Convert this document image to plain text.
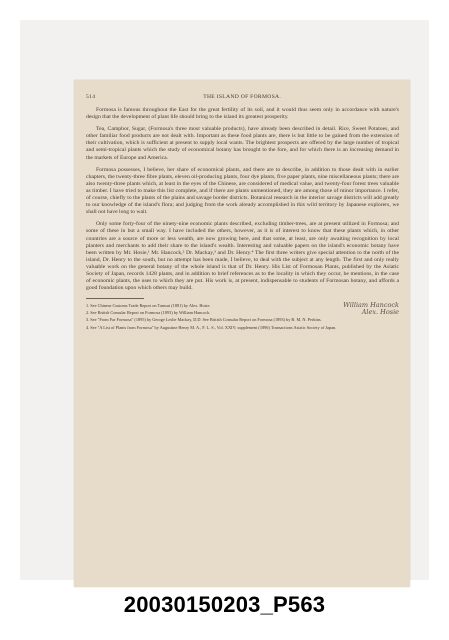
514	THE ISLAND OF FORMOSA.

Formosa is famous throughout the East for the great fertility of its soil, and it would thus seem only in accordance with nature's design that the development of plant life should bring to the island its greatest prosperity.

Tea, Camphor, Sugar, (Formosa's three most valuable products), have already been described in detail. Rice, Sweet Potatoes, and other familiar food products are not dealt with. Important as these food plants are, there is but little to be gained from the extension of their cultivation, which is sufficient at present to supply local wants. The brightest prospects are offered by the large number of tropical and semi-tropical plants which the study of economical botany has brought to the fore, and for which there is an increasing demand in the markets of Europe and America.

Formosa possesses, I believe, her share of economical plants, and there are to describe, in addition to those dealt with in earlier chapters, the twenty-three fibre plants, eleven oil-producing plants, four dye plants, five paper plants, nine miscellaneous plants; there are also twenty-three plants which, at least in the eyes of the Chinese, are considered of medical value, and twenty-four forest trees valuable as timber. I have tried to make this list complete, and if there are plants unmentioned, they are among those of minor importance. I refer, of course, chiefly to the plants of the plains and savage border districts. Botanical research in the interior savage districts will add greatly to our knowledge of the island's flora; and judging from the work already accomplished in this wild territory by Japanese explorers, we shall not have long to wait.

Only some forty-four of the ninety-nine economic plants described, excluding timber-trees, are at present utilized in Formosa; and some of these in but a small way. I have included the others, however, as it is of interest to know that these plants which, in other countries are a source of more or less wealth, are now growing here, and that some, at least, are only awaiting recognition by local planters and merchants to add their share to the island's wealth. Interesting and valuable papers on the island's economic botany have been written by Mr. Hosie,¹ Mr. Hancock,² Dr. Mackay,³ and Dr. Henry.⁴ The first three writers give special attention to the north of the island, Dr. Henry to the south, but no attempt has been made, I believe, to deal with the subject at any length. The first and only really valuable work on the general botany of the whole island is that of Dr. Henry. His List of Formosan Plants, published by the Asiatic Society of Japan, records 1428 plants, and in addition to brief references as to the locality in which they occur, he mentions, in the case of economic plants, the uses to which they are put. His work is, at present, indispensable to students of Formosan botany, and affords a good foundation upon which others may build.

1. See Chinese Customs Trade Report on Tamsui (1881) by Alex. Hosie.	William Hancock
2. See British Consular Report on Formosa (1893) by William Hancock.	Alex. Hosie
3. See "From Far Formosa" (1895) by George Leslie Mackay, D.D. See British Consular Report on Formosa (1893) by B. M. N. Perkins.
4. See "A List of Plants from Formosa" by Augustine Henry M. A., F. L. S., Vol. XXIV; supplement (1896) Transactions Asiatic Society of Japan.
20030150203_P563
